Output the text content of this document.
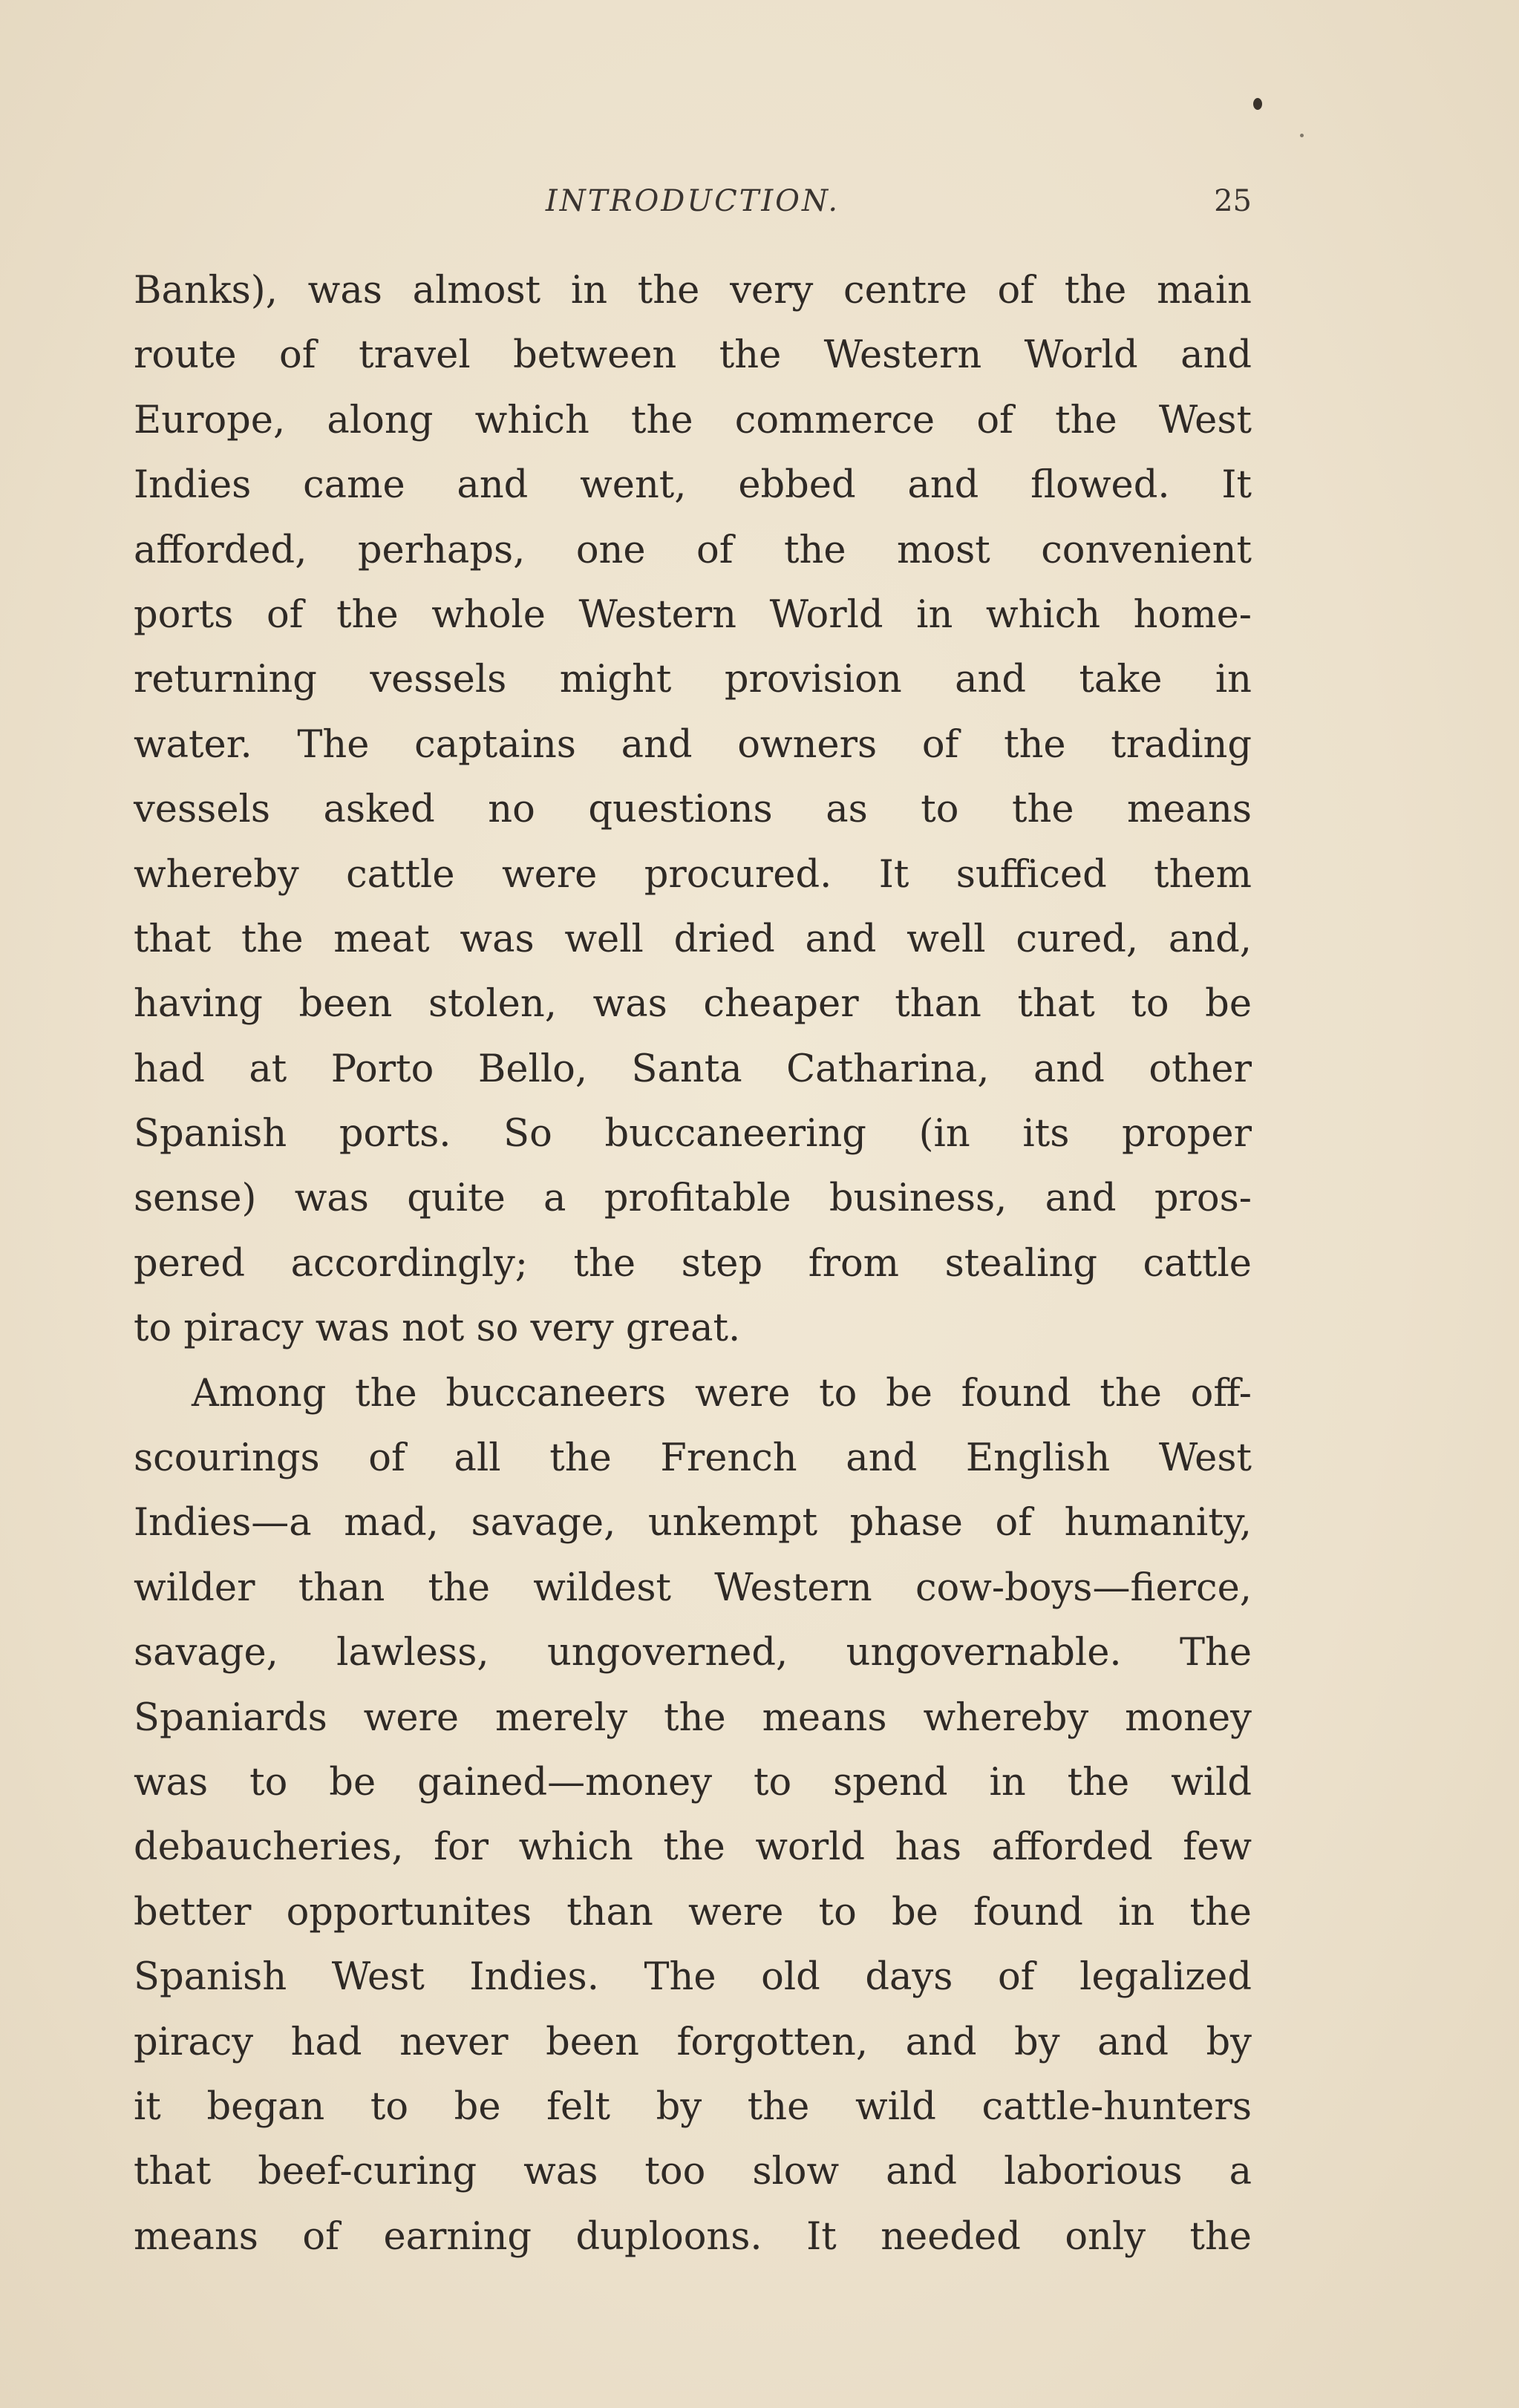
INTRODUCTION.	25
Banks), was almost in the very centre of the main
route of travel between the Western World and
Europe, along which the commerce of the West
Indies came and went, ebbed and flowed. It
afforded, perhaps, one of the most convenient
ports of the whole Western World in which home-
returning vessels might provision and take in
water. The captains and owners of the trading
vessels asked no questions as to the means
whereby cattle were procured. It sufficed them
that the meat was well dried and well cured, and,
having been stolen, was cheaper than that to be
had at Porto Bello, Santa Catharina, and other
Spanish ports. So buccaneering (in its proper
sense) was quite a profitable business, and pros-
pered accordingly; the step from stealing cattle
to piracy was not so very great.
Among the buccaneers were to be found the off-
scourings of all the French and English West
Indies—a mad, savage, unkempt phase of humanity,
wilder than the wildest Western cow-boys—fierce,
savage, lawless, ungoverned, ungovernable. The
Spaniards were merely the means whereby money
was to be gained—money to spend in the wild
debaucheries, for which the world has afforded few
better opportunites than were to be found in the
Spanish West Indies. The old days of legalized
piracy had never been forgotten, and by and by
it began to be felt by the wild cattle-hunters
that beef-curing was too slow and laborious a
means of earning duploons. It needed only the
